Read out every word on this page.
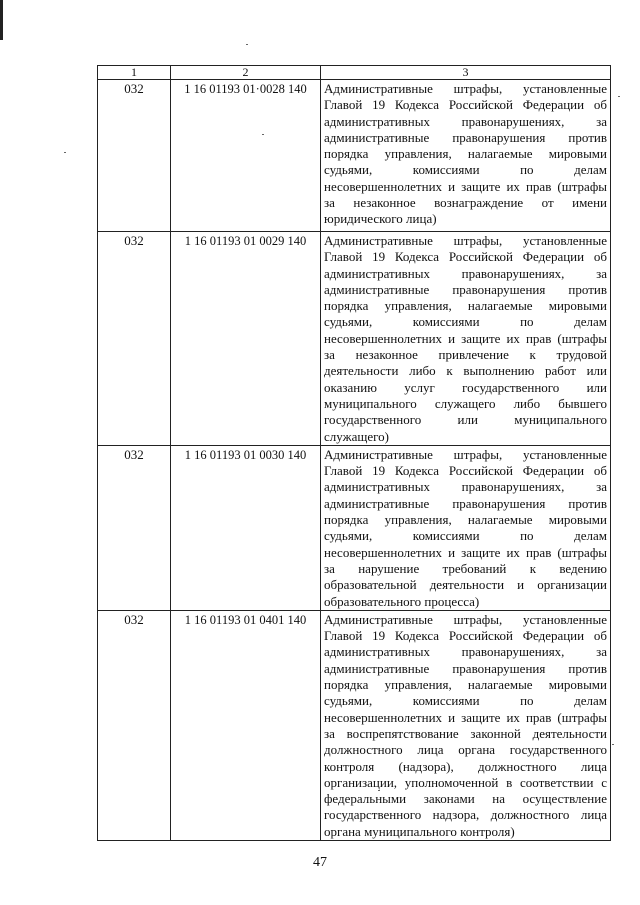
1	2	3
032	1 16 01193 01·0028 140	Административные штрафы, установленные Главой 19 Кодекса Российской Федерации об административных правонарушениях, за административные правонарушения против порядка управления, налагаемые мировыми судьями, комиссиями по делам несовершеннолетних и защите их прав (штрафы за незаконное вознаграждение от имени юридического лица)
032	1 16 01193 01 0029 140	Административные штрафы, установленные Главой 19 Кодекса Российской Федерации об административных правонарушениях, за административные правонарушения против порядка управления, налагаемые мировыми судьями, комиссиями по делам несовершеннолетних и защите их прав (штрафы за незаконное привлечение к трудовой деятельности либо к выполнению работ или оказанию услуг государственного или муниципального служащего либо бывшего государственного или муниципального служащего)
032	1 16 01193 01 0030 140	Административные штрафы, установленные Главой 19 Кодекса Российской Федерации об административных правонарушениях, за административные правонарушения против порядка управления, налагаемые мировыми судьями, комиссиями по делам несовершеннолетних и защите их прав (штрафы за нарушение требований к ведению образовательной деятельности и организации образовательного процесса)
032	1 16 01193 01 0401 140	Административные штрафы, установленные Главой 19 Кодекса Российской Федерации об административных правонарушениях, за административные правонарушения против порядка управления, налагаемые мировыми судьями, комиссиями по делам несовершеннолетних и защите их прав (штрафы за воспрепятствование законной деятельности должностного лица органа государственного контроля (надзора), должностного лица организации, уполномоченной в соответствии с федеральными законами на осуществление государственного надзора, должностного лица органа муниципального контроля)
47
